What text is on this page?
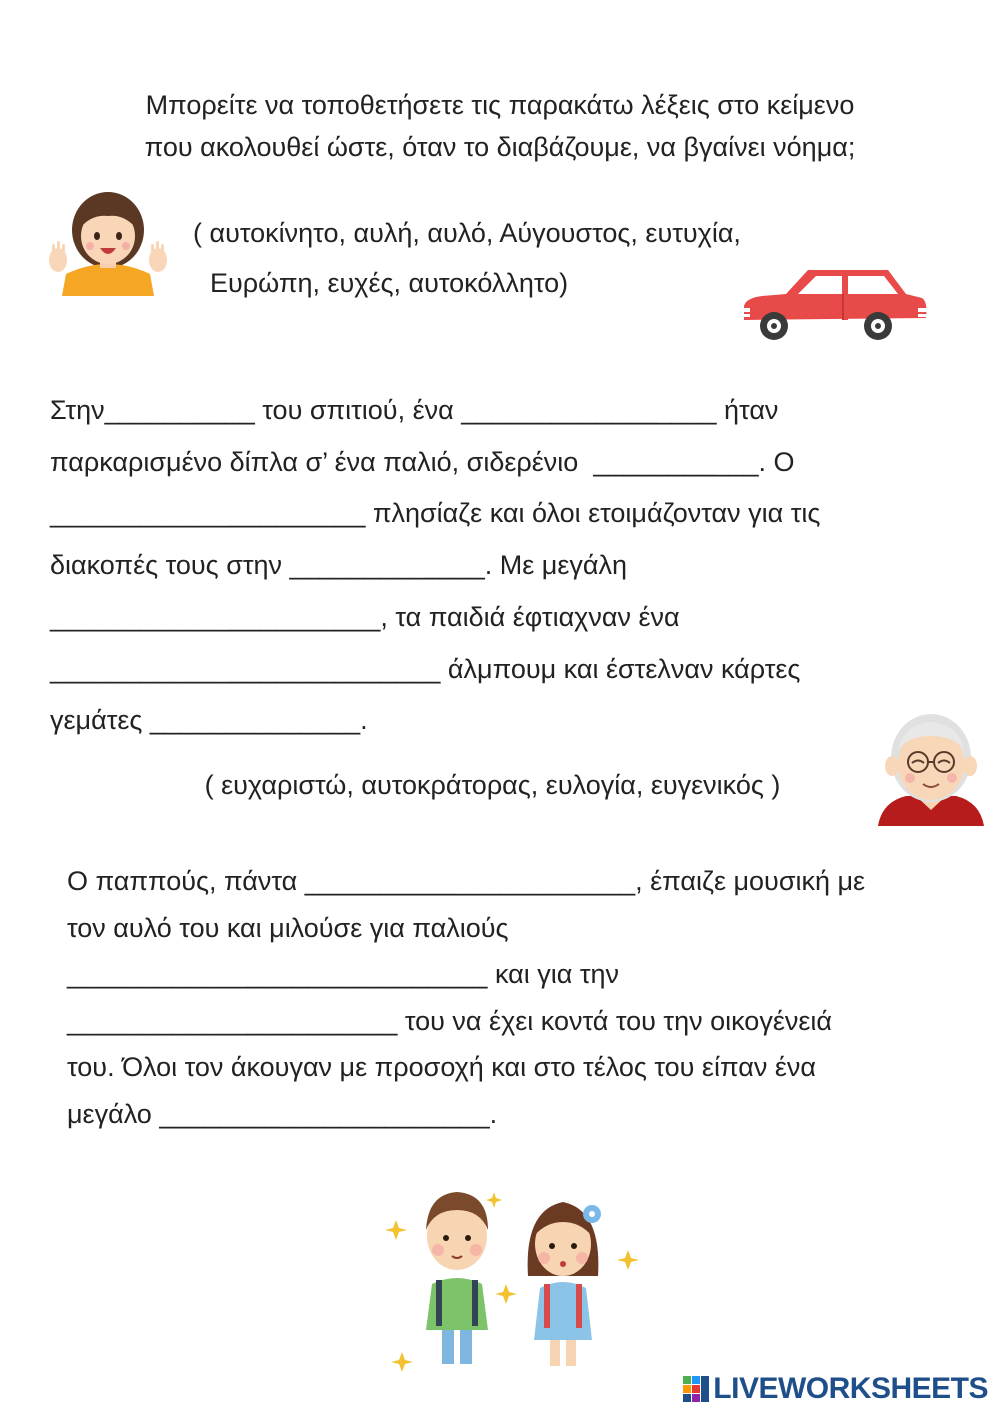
Μπορείτε να τοποθετήσετε τις παρακάτω λέξεις στο κείμενο
που ακολουθεί ώστε, όταν το διαβάζουμε, να βγαίνει νόημα;
( αυτοκίνητο, αυλή, αυλό, Αύγουστος, ευτυχία,
Ευρώπη, ευχές, αυτοκόλλητο)
Στην__________ του σπιτιού, ένα _________________ ήταν
παρκαρισμένο δίπλα σ’ ένα παλιό, σιδερένιο  ___________. Ο
_____________________ πλησίαζε και όλοι ετοιμάζονταν για τις
διακοπές τους στην _____________. Με μεγάλη
______________________, τα παιδιά έφτιαχναν ένα
__________________________ άλμπουμ και έστελναν κάρτες
γεμάτες ______________.
( ευχαριστώ, αυτοκράτορας, ευλογία, ευγενικός )
Ο παππούς, πάντα ______________________, έπαιζε μουσική με
τον αυλό του και μιλούσε για παλιούς
____________________________ και για την
______________________ του να έχει κοντά του την οικογένειά
του. Όλοι τον άκουγαν με προσοχή και στο τέλος του είπαν ένα
μεγάλο ______________________.
LIVEWORKSHEETS
